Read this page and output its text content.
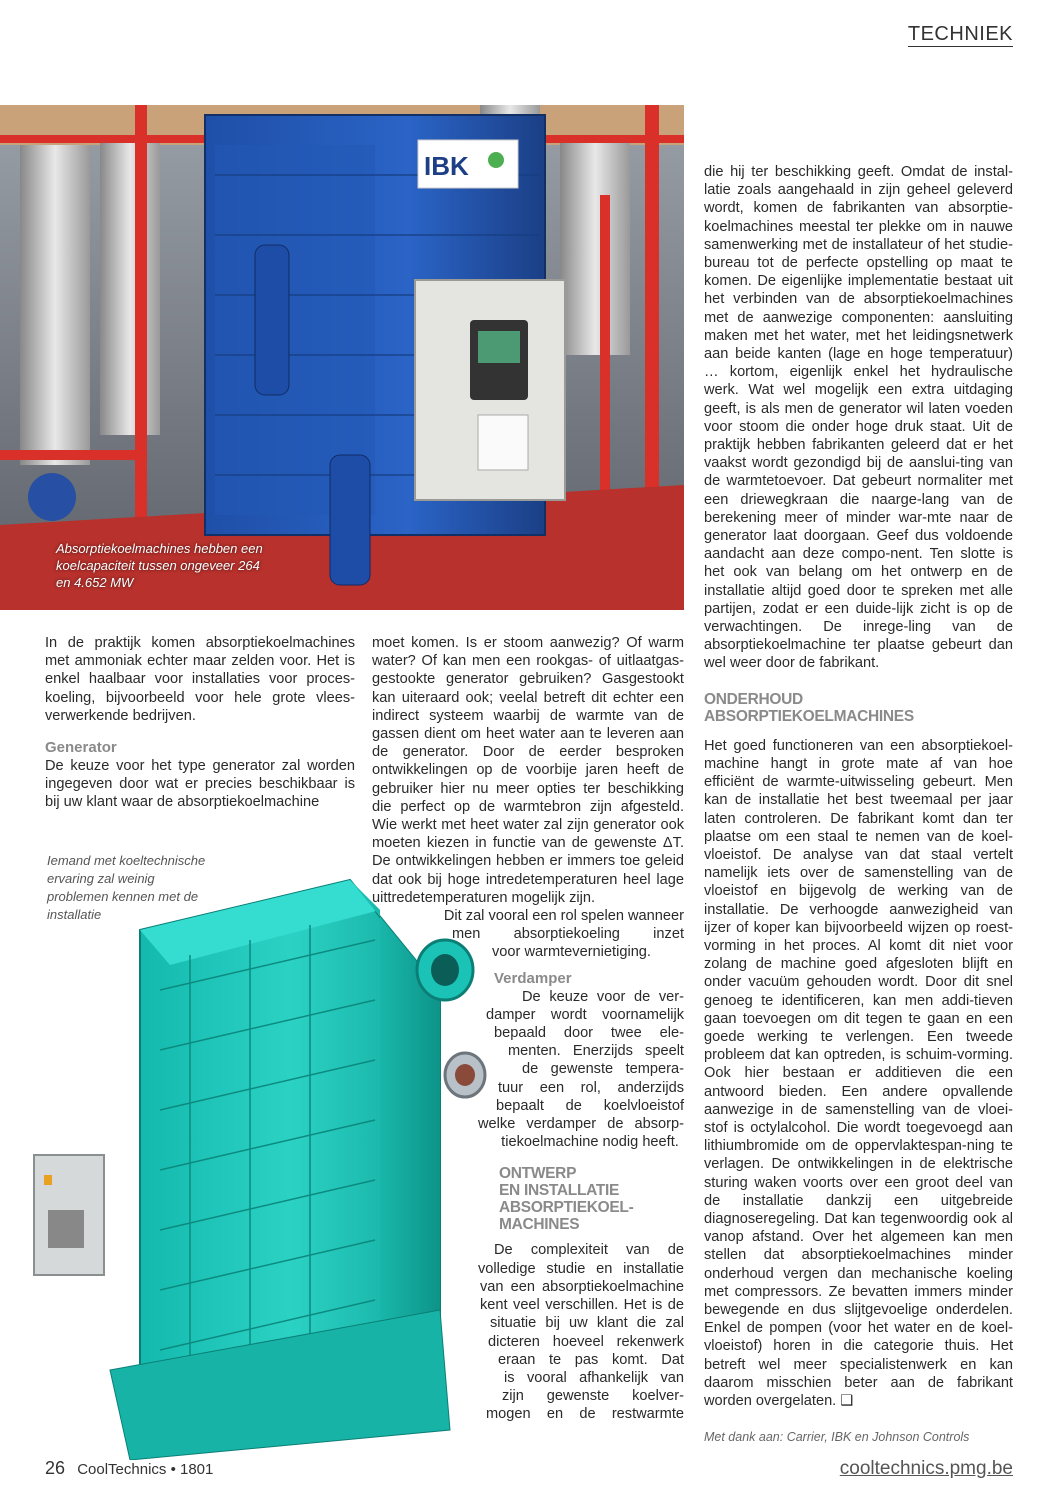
TECHNIEK
IBK
Absorptiekoelmachines hebben een koelcapaciteit tussen ongeveer 264 en 4.652 MW

In de praktijk komen absorptiekoelmachines met ammoniak echter maar zelden voor. Het is enkel haalbaar voor installaties voor proces-koeling, bijvoorbeeld voor hele grote vlees-verwerkende bedrijven.

Generator

De keuze voor het type generator zal worden ingegeven door wat er precies beschikbaar is bij uw klant waar de absorptiekoelmachine

Iemand met koeltechnische ervaring zal weinig problemen kennen met de installatie

moet komen. Is er stoom aanwezig? Of warm water? Of kan men een rookgas- of uitlaatgas-gestookte generator gebruiken? Gasgestookt kan uiteraard ook; veelal betreft dit echter een indirect systeem waarbij de warmte van de gassen dient om heet water aan te leveren aan de generator. Door de eerder besproken ontwikkelingen op de voorbije jaren heeft de gebruiker hier nu meer opties ter beschikking die perfect op de warmtebron zijn afgesteld. Wie werkt met heet water zal zijn generator ook moeten kiezen in functie van de gewenste ΔT. De ontwikkelingen hebben er immers toe geleid dat ook bij hoge intredetemperaturen heel lage uittredetemperaturen mogelijk zijn.

Dit zal vooral een rol spelen wanneer
men absorptiekoeling inzet
voor warmtevernietiging.
Verdamper
De keuze voor de ver-
damper wordt voornamelijk
bepaald door twee ele-
menten. Enerzijds speelt
de gewenste tempera-
tuur een rol, anderzijds
bepaalt de koelvloeistof
welke verdamper de absorp-
tiekoelmachine nodig heeft.
ONTWERP
EN INSTALLATIE
ABSORPTIEKOEL-
MACHINES
De complexiteit van de
volledige studie en installatie
van een absorptiekoelmachine
kent veel verschillen. Het is de
situatie bij uw klant die zal
dicteren hoeveel rekenwerk
eraan te pas komt. Dat
is vooral afhankelijk van
zijn gewenste koelver-
mogen en de restwarmte

die hij ter beschikking geeft. Omdat de instal-latie zoals aangehaald in zijn geheel geleverd wordt, komen de fabrikanten van absorptie-koelmachines meestal ter plekke om in nauwe samenwerking met de installateur of het studie-bureau tot de perfecte opstelling op maat te komen. De eigenlijke implementatie bestaat uit het verbinden van de absorptiekoelmachines met de aanwezige componenten: aansluiting maken met het water, met het leidingsnetwerk aan beide kanten (lage en hoge temperatuur) … kortom, eigenlijk enkel het hydraulische werk. Wat wel mogelijk een extra uitdaging geeft, is als men de generator wil laten voeden voor stoom die onder hoge druk staat. Uit de praktijk hebben fabrikanten geleerd dat er het vaakst wordt gezondigd bij de aanslui-ting van de warmtetoevoer. Dat gebeurt normaliter met een driewegkraan die naarge-lang van de berekening meer of minder war-mte naar de generator laat doorgaan. Geef dus voldoende aandacht aan deze compo-nent. Ten slotte is het ook van belang om het ontwerp en de installatie altijd goed door te spreken met alle partijen, zodat er een duide-lijk zicht is op de verwachtingen. De inrege-ling van de absorptiekoelmachine ter plaatse gebeurt dan wel weer door de fabrikant.

ONDERHOUD
ABSORPTIEKOELMACHINES

Het goed functioneren van een absorptiekoel-machine hangt in grote mate af van hoe efficiënt de warmte-uitwisseling gebeurt. Men kan de installatie het best tweemaal per jaar laten controleren. De fabrikant komt dan ter plaatse om een staal te nemen van de koel-vloeistof. De analyse van dat staal vertelt namelijk iets over de samenstelling van de vloeistof en bijgevolg de werking van de installatie. De verhoogde aanwezigheid van ijzer of koper kan bijvoorbeeld wijzen op roest-vorming in het proces. Al komt dit niet voor zolang de machine goed afgesloten blijft en onder vacuüm gehouden wordt. Door dit snel genoeg te identificeren, kan men addi-tieven gaan toevoegen om dit tegen te gaan en een goede werking te verlengen. Een tweede probleem dat kan optreden, is schuim-vorming. Ook hier bestaan er additieven die een antwoord bieden. Een andere opvallende aanwezige in de samenstelling van de vloei-stof is octylalcohol. Die wordt toegevoegd aan lithiumbromide om de oppervlaktespan-ning te verlagen. De ontwikkelingen in de elektrische sturing waken voorts over een groot deel van de installatie dankzij een uitgebreide diagnoseregeling. Dat kan tegenwoordig ook al vanop afstand. Over het algemeen kan men stellen dat absorptiekoelmachines minder onderhoud vergen dan mechanische koeling met compressors. Ze bevatten immers minder bewegende en dus slijtgevoelige onderdelen. Enkel de pompen (voor het water en de koel-vloeistof) horen in die categorie thuis. Het betreft wel meer specialistenwerk en kan daarom misschien beter aan de fabrikant worden overgelaten. ❑

Met dank aan: Carrier, IBK en Johnson Controls
26 CoolTechnics • 1801	cooltechnics.pmg.be
